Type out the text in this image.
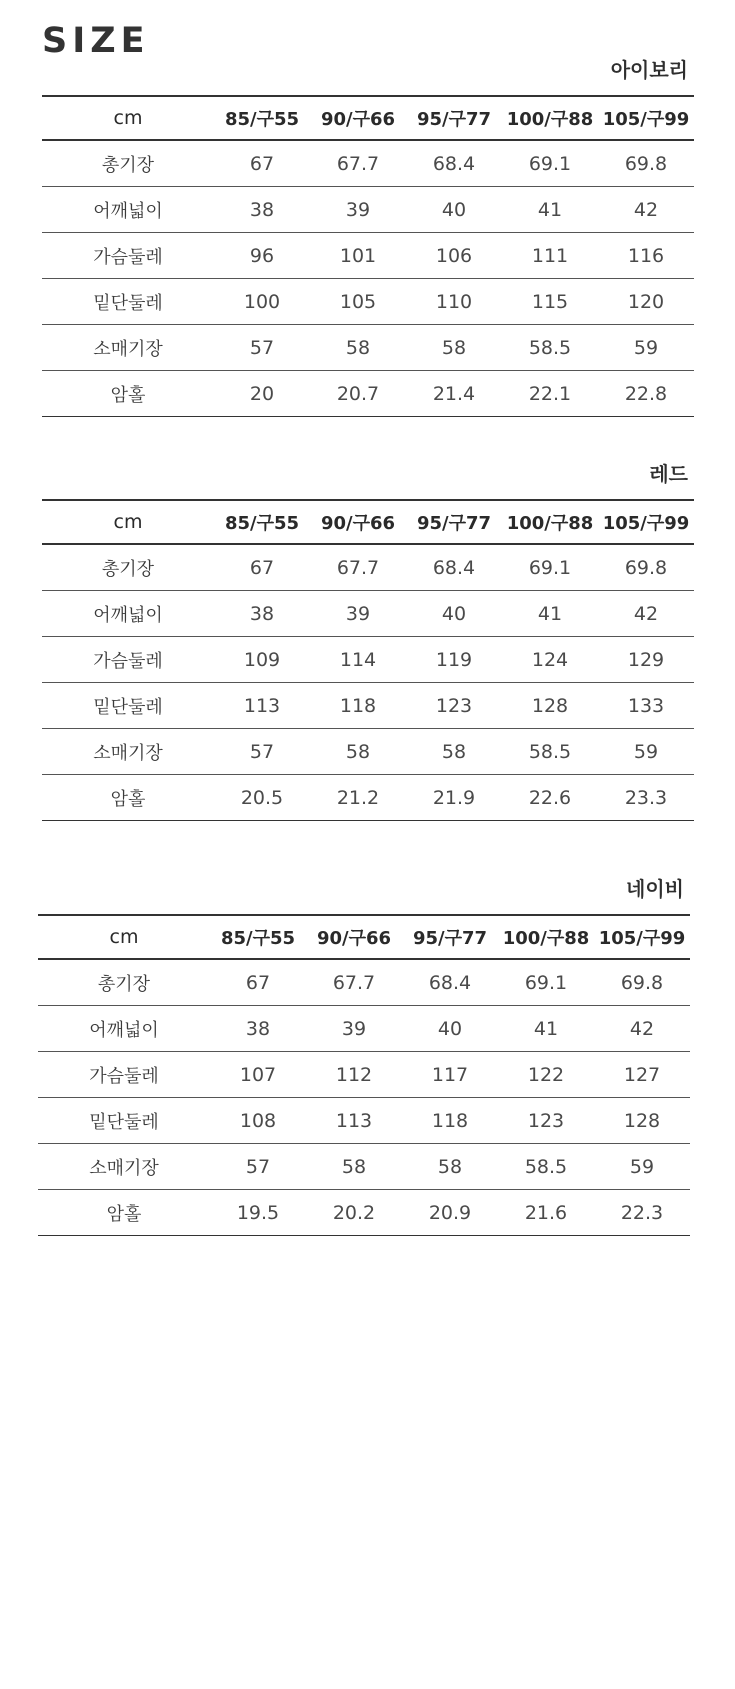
SIZE
아이보리
cm	85/구55	90/구66	95/구77	100/구88	105/구99
총기장	67	67.7	68.4	69.1	69.8
어깨넓이	38	39	40	41	42
가슴둘레	96	101	106	111	116
밑단둘레	100	105	110	115	120
소매기장	57	58	58	58.5	59
암홀	20	20.7	21.4	22.1	22.8
레드
cm	85/구55	90/구66	95/구77	100/구88	105/구99
총기장	67	67.7	68.4	69.1	69.8
어깨넓이	38	39	40	41	42
가슴둘레	109	114	119	124	129
밑단둘레	113	118	123	128	133
소매기장	57	58	58	58.5	59
암홀	20.5	21.2	21.9	22.6	23.3
네이비
cm	85/구55	90/구66	95/구77	100/구88	105/구99
총기장	67	67.7	68.4	69.1	69.8
어깨넓이	38	39	40	41	42
가슴둘레	107	112	117	122	127
밑단둘레	108	113	118	123	128
소매기장	57	58	58	58.5	59
암홀	19.5	20.2	20.9	21.6	22.3
